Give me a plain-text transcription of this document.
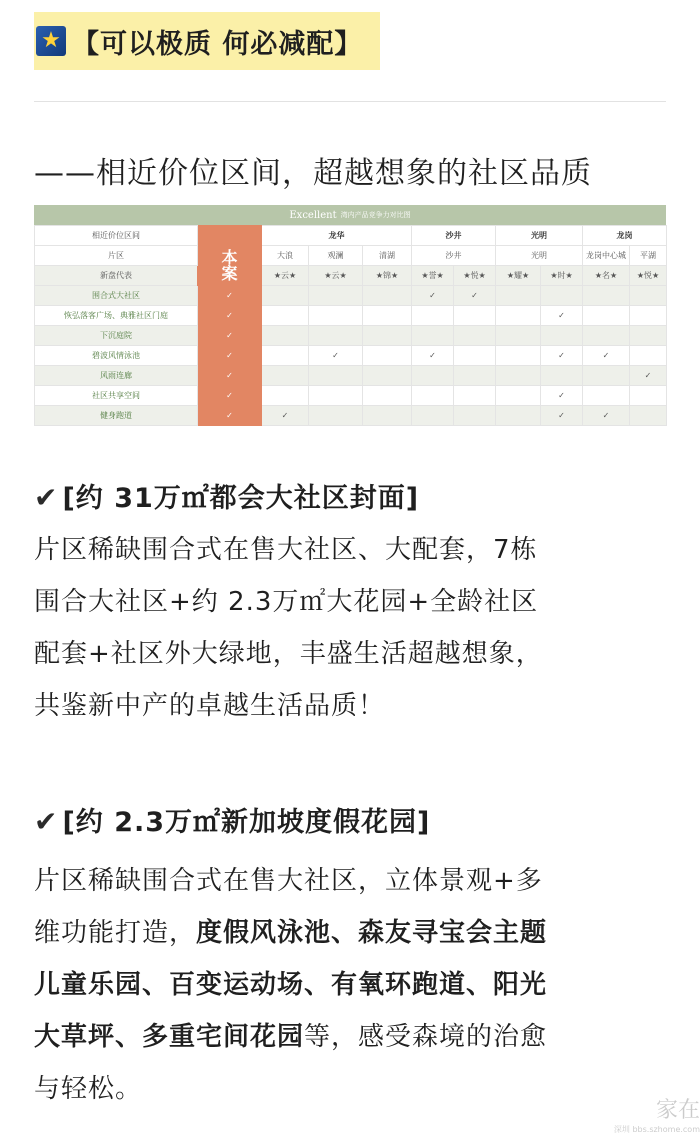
★ 【可以极质 何必减配】
——相近价位区间，超越想象的社区品质
Excellent 湾内产品竞争力对比图
相近价位区间		龙华			沙井		光明		龙岗	
片区	本案	大浪	观澜	清湖	沙井		光明		龙岗中心城	平湖
新盘代表		★云★	★云★	★锦★	★誉★	★悦★	★耀★	★时★	★名★	★悦★
围合式大社区	✓				✓	✓				
恢弘落客广场、典雅社区门庭	✓							✓		
下沉庭院	✓									
碧波风情泳池	✓		✓		✓			✓	✓	
风雨连廊	✓									✓
社区共享空间	✓							✓		
健身跑道	✓	✓						✓	✓	
✔ [约 31万㎡都会大社区封面]

片区稀缺围合式在售大社区、大配套，7栋

围合大社区+约 2.3万㎡大花园+全龄社区

配套+社区外大绿地，丰盛生活超越想象，

共鉴新中产的卓越生活品质！

✔ [约 2.3万㎡新加坡度假花园]

片区稀缺围合式在售大社区，立体景观+多

维功能打造，度假风泳池、森友寻宝会主题

儿童乐园、百变运动场、有氧环跑道、阳光

大草坪、多重宅间花园等，感受森境的治愈

与轻松。

家在
深圳 bbs.szhome.com
